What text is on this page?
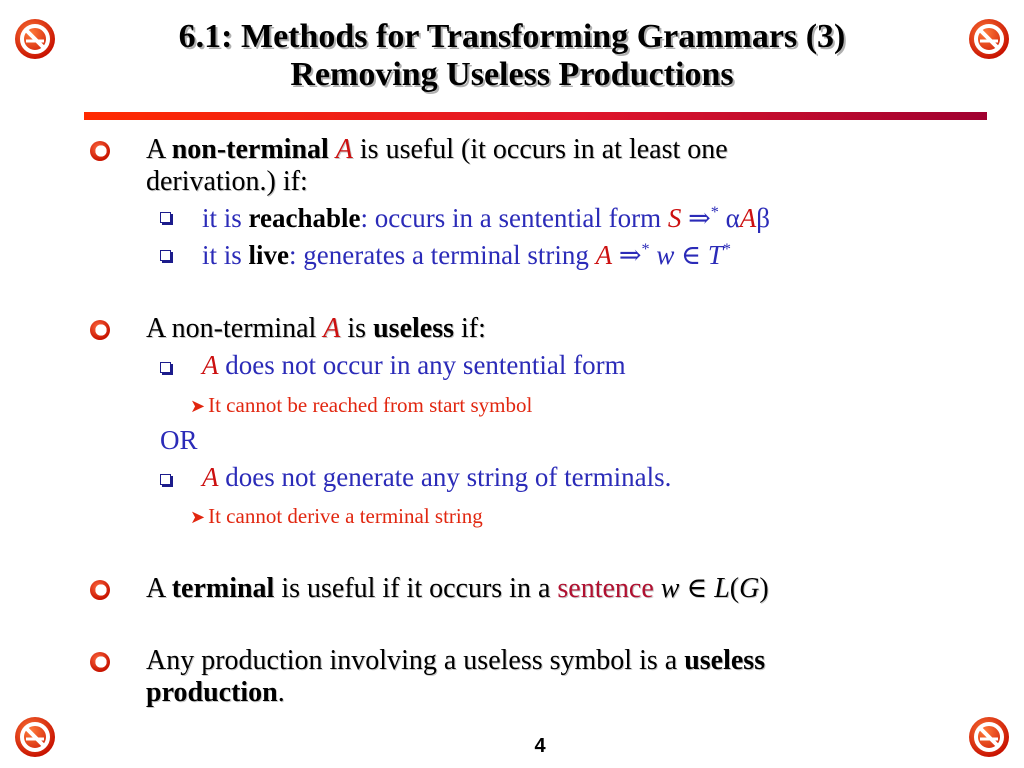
6.1: Methods for Transforming Grammars (3)
Removing Useless Productions
A non-terminal A is useful (it occurs in at least one
derivation.) if:
it is reachable: occurs in a sentential form S ⇒* αAβ
it is live: generates a terminal string A ⇒* w ∈ T*
A non-terminal A is useless if:
A does not occur in any sentential form
➤ It cannot be reached from start symbol
OR
A does not generate any string of terminals.
➤ It cannot derive a terminal string
A terminal is useful if it occurs in a sentence w ∈ L(G)
Any production involving a useless symbol is a useless
production.
4
